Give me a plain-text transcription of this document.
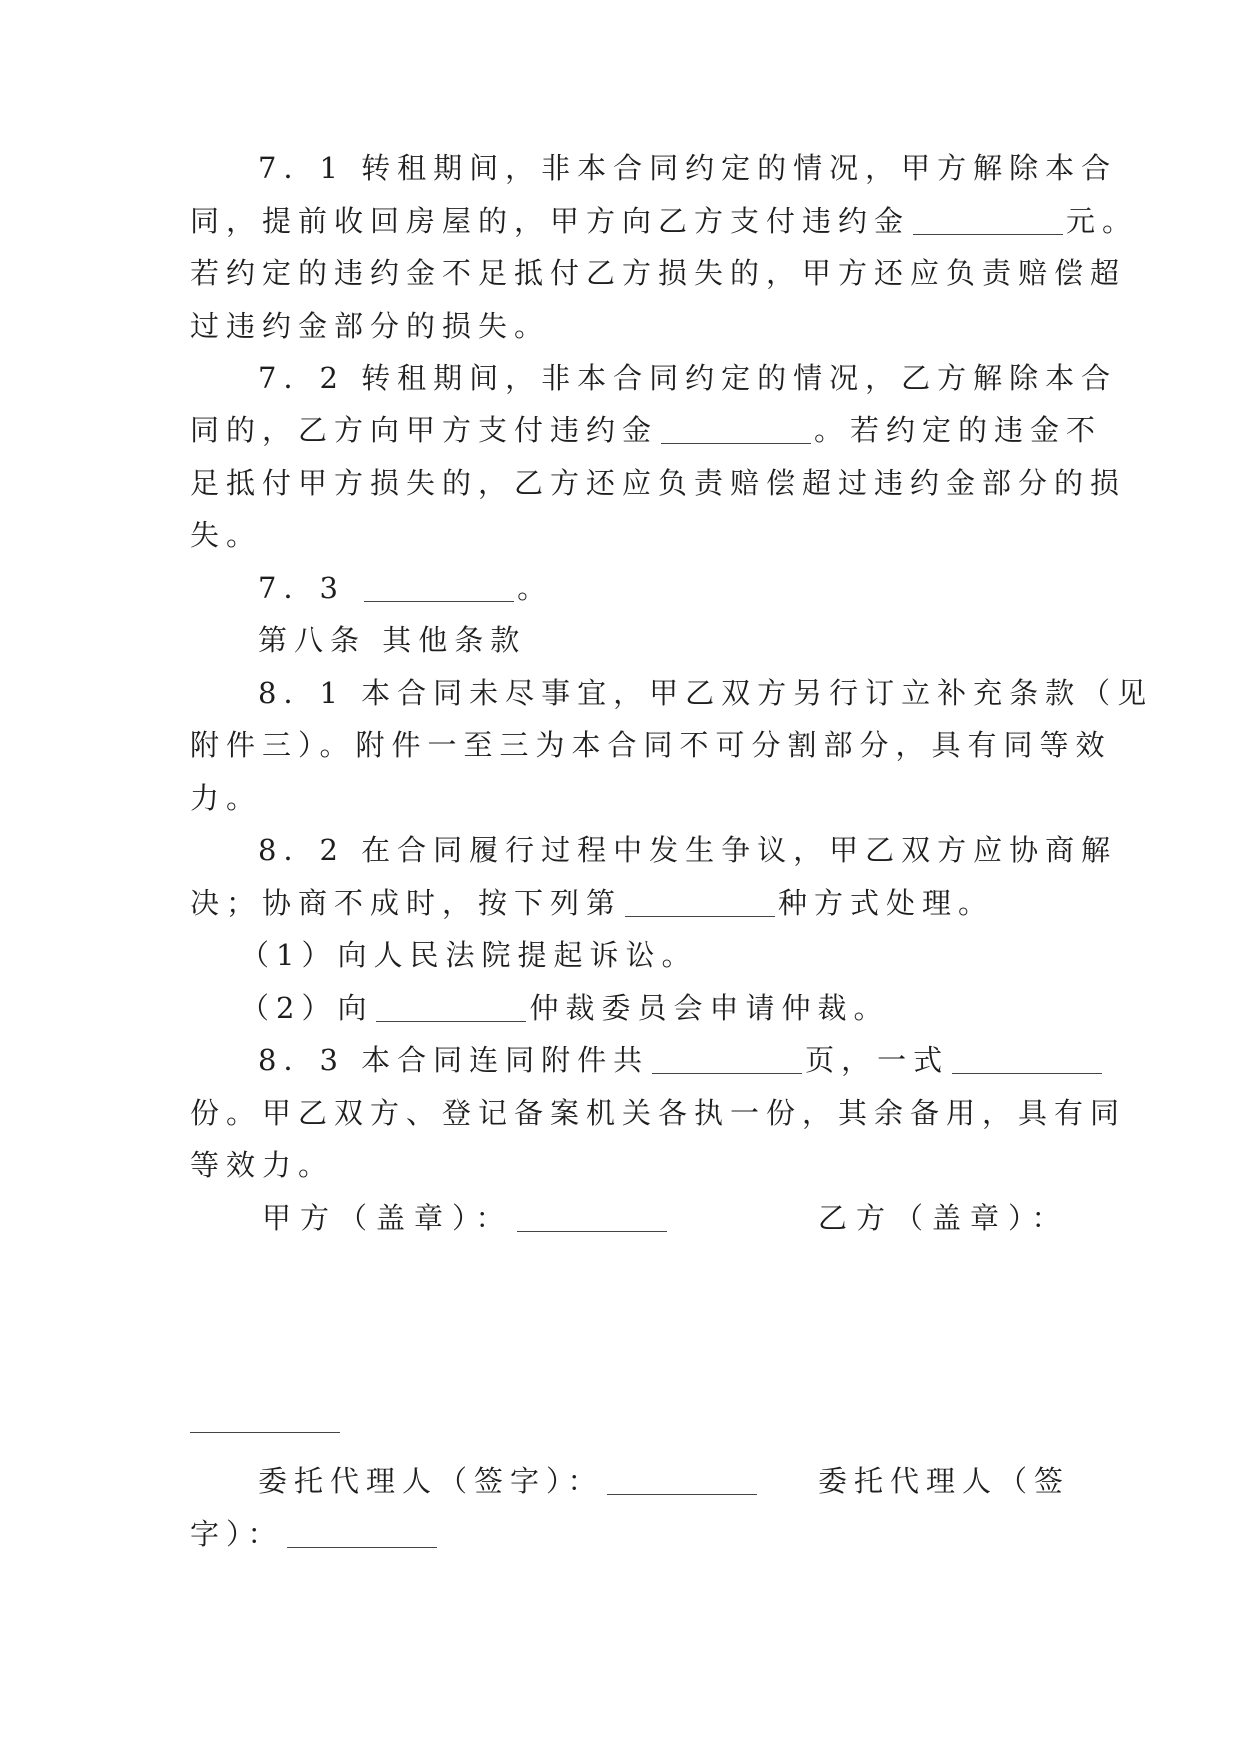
7．1 转租期间，非本合同约定的情况，甲方解除本合
同，提前收回房屋的，甲方向乙方支付违约金	元。
若约定的违约金不足抵付乙方损失的，甲方还应负责赔偿超
过违约金部分的损失。
7．2 转租期间，非本合同约定的情况，乙方解除本合
同的，乙方向甲方支付违约金	。若约定的违金不
足抵付甲方损失的，乙方还应负责赔偿超过违约金部分的损
失。
7．3	。
第八条 其他条款
8．1 本合同未尽事宜，甲乙双方另行订立补充条款（见
附件三）。附件一至三为本合同不可分割部分，具有同等效
力。
8．2 在合同履行过程中发生争议，甲乙双方应协商解
决；协商不成时，按下列第	种方式处理。
（1）向人民法院提起诉讼。
（2）向	仲裁委员会申请仲裁。
8．3 本合同连同附件共	页，一式
份。甲乙双方、登记备案机关各执一份，其余备用，具有同
等效力。
甲方（盖章）：	乙方（盖章）：
委托代理人（签字）：	委托代理人（签
字）：
